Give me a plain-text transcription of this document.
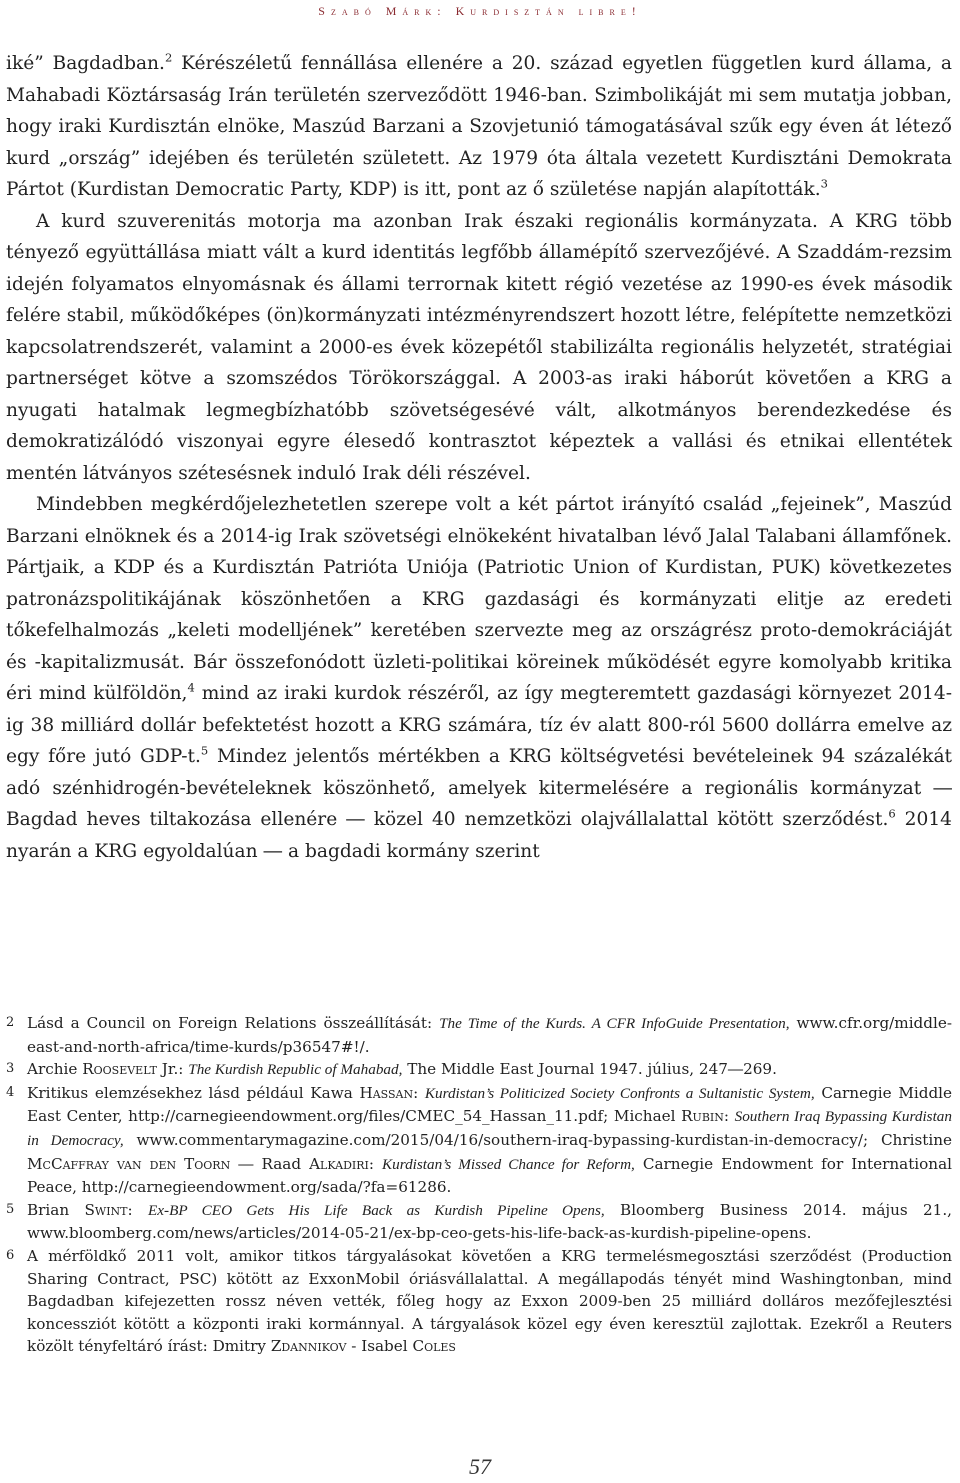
Szabó Márk: Kurdisztán libre!

iké” Bagdadban.$^2$ Kérészéletű fennállása ellenére a 20. század egyetlen független kurd állama, a Mahabadi Köztársaság Irán területén szerveződött 1946-ban. Szimbolikáját mi sem mutatja jobban, hogy iraki Kurdisztán elnöke, Maszúd Barzani a Szovjetunió támogatásával szűk egy éven át létező kurd „ország” idejében és területén született. Az 1979 óta általa vezetett Kurdisztáni Demokrata Pártot (Kurdistan Democratic Party, KDP) is itt, pont az ő születése napján alapították.$^3$

A kurd szuverenitás motorja ma azonban Irak északi regionális kormányzata. A KRG több tényező együttállása miatt vált a kurd identitás legfőbb államépítő szervezőjévé. A Szaddám-rezsim idején folyamatos elnyomásnak és állami terrornak kitett régió vezetése az 1990-es évek második felére stabil, működőképes (ön)kormányzati intézményrendszert hozott létre, felépítette nemzetközi kapcsolatrendszerét, valamint a 2000-es évek közepétől stabilizálta regionális helyzetét, stratégiai partnerséget kötve a szomszédos Törökországgal. A 2003-as iraki háborút követően a KRG a nyugati hatalmak legmegbízhatóbb szövetségesévé vált, alkotmányos berendezkedése és demokratizálódó viszonyai egyre élesedő kontrasztot képeztek a vallási és etnikai ellentétek mentén látványos szétesésnek induló Irak déli részével.

Mindebben megkérdőjelezhetetlen szerepe volt a két pártot irányító család „fejeinek”, Maszúd Barzani elnöknek és a 2014-ig Irak szövetségi elnökeként hivatalban lévő Jalal Talabani államfőnek. Pártjaik, a KDP és a Kurdisztán Patrióta Uniója (Patriotic Union of Kurdistan, PUK) következetes patronázspolitikájának köszönhetően a KRG gazdasági és kormányzati elitje az eredeti tőkefelhalmozás „keleti modelljének” keretében szervezte meg az országrész proto-demokráciáját és -kapitalizmusát. Bár összefonódott üzleti-politikai köreinek működését egyre komolyabb kritika éri mind külföldön,$^4$ mind az iraki kurdok részéről, az így megteremtett gazdasági környezet 2014-ig 38 milliárd dollár befektetést hozott a KRG számára, tíz év alatt 800-ról 5600 dollárra emelve az egy főre jutó GDP-t.$^5$ Mindez jelentős mértékben a KRG költségvetési bevételeinek 94 százalékát adó szénhidrogén-bevételeknek köszönhető, amelyek kitermelésére a regionális kormányzat ― Bagdad heves tiltakozása ellenére ― közel 40 nemzetközi olajvállalattal kötött szerződést.$^6$ 2014 nyarán a KRG egyoldalúan ― a bagdadi kormány szerint

2 Lásd a Council on Foreign Relations összeállítását: The Time of the Kurds. A CFR InfoGuide Presentation, www.cfr.org/middle-east-and-north-africa/time-kurds/p36547#!/.

3 Archie Roosevelt Jr.: The Kurdish Republic of Mahabad, The Middle East Journal 1947. július, 247―269.

4 Kritikus elemzésekhez lásd például Kawa Hassan: Kurdistan’s Politicized Society Confronts a Sultanistic System, Carnegie Middle East Center, http://carnegieendowment.org/files/CMEC_54_Hassan_11.pdf; Michael Rubin: Southern Iraq Bypassing Kurdistan in Democracy, www.commentarymagazine.com/2015/04/16/southern-iraq-bypassing-kurdistan-in-democracy/; Christine McCaffray van den Toorn ― Raad Alkadiri: Kurdistan’s Missed Chance for Reform, Carnegie Endowment for International Peace, http://carnegieendowment.org/sada/?fa=61286.

5 Brian Swint: Ex-BP CEO Gets His Life Back as Kurdish Pipeline Opens, Bloomberg Business 2014. május 21., www.bloomberg.com/news/articles/2014-05-21/ex-bp-ceo-gets-his-life-back-as-kurdish-pipeline-opens.

6 A mérföldkő 2011 volt, amikor titkos tárgyalásokat követően a KRG termelésmegosztási szerződést (Production Sharing Contract, PSC) kötött az ExxonMobil óriásvállalattal. A megállapodás tényét mind Washingtonban, mind Bagdadban kifejezetten rossz néven vették, főleg hogy az Exxon 2009-ben 25 milliárd dolláros mezőfejlesztési koncessziót kötött a központi iraki kormánnyal. A tárgyalások közel egy éven keresztül zajlottak. Ezekről a Reuters közölt tényfeltáró írást: Dmitry Zdannikov - Isabel Coles

57
